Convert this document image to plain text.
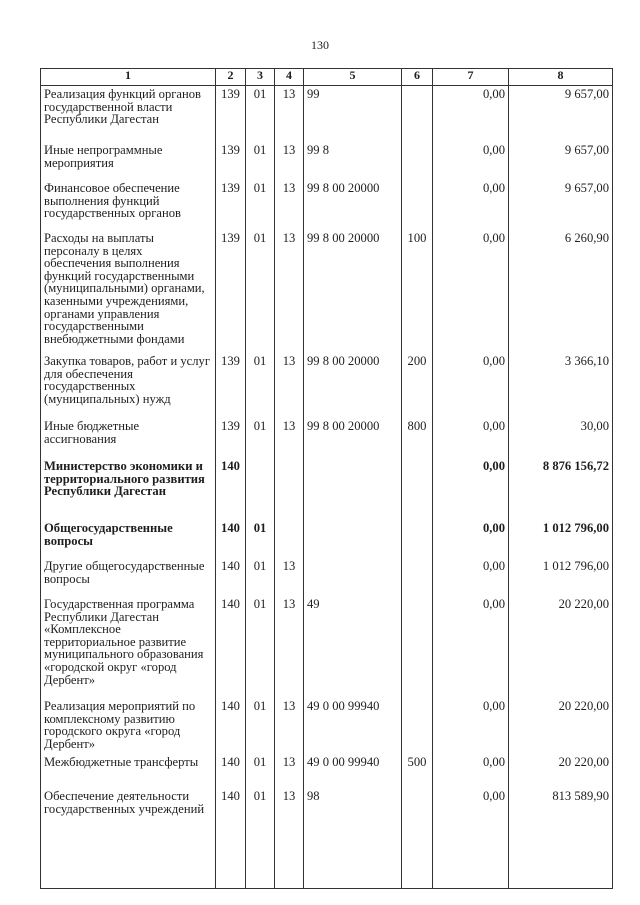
130
1	2	3	4	5	6	7	8
Реализация функций органов государственной власти Республики Дагестан	139	01	13	99		0,00	9 657,00
Иные непрограммные мероприятия	139	01	13	99 8		0,00	9 657,00
Финансовое обеспечение выполнения функций государственных органов	139	01	13	99 8 00 20000		0,00	9 657,00
Расходы на выплаты персоналу в целях обеспечения выполнения функций государственными (муниципальными) органами, казенными учреждениями, органами управления государственными внебюджетными фондами	139	01	13	99 8 00 20000	100	0,00	6 260,90
Закупка товаров, работ и услуг для обеспечения государственных (муниципальных) нужд	139	01	13	99 8 00 20000	200	0,00	3 366,10
Иные бюджетные ассигнования	139	01	13	99 8 00 20000	800	0,00	30,00
Министерство экономики и территориального развития Республики Дагестан	140					0,00	8 876 156,72
Общегосударственные вопросы	140	01				0,00	1 012 796,00
Другие общегосударственные вопросы	140	01	13			0,00	1 012 796,00
Государственная программа Республики Дагестан «Комплексное территориальное развитие муниципального образования «городской округ «город Дербент»	140	01	13	49		0,00	20 220,00
Реализация мероприятий по комплексному развитию городского округа «город Дербент»	140	01	13	49 0 00 99940		0,00	20 220,00
Межбюджетные трансферты	140	01	13	49 0 00 99940	500	0,00	20 220,00
Обеспечение деятельности государственных учреждений	140	01	13	98		0,00	813 589,90
